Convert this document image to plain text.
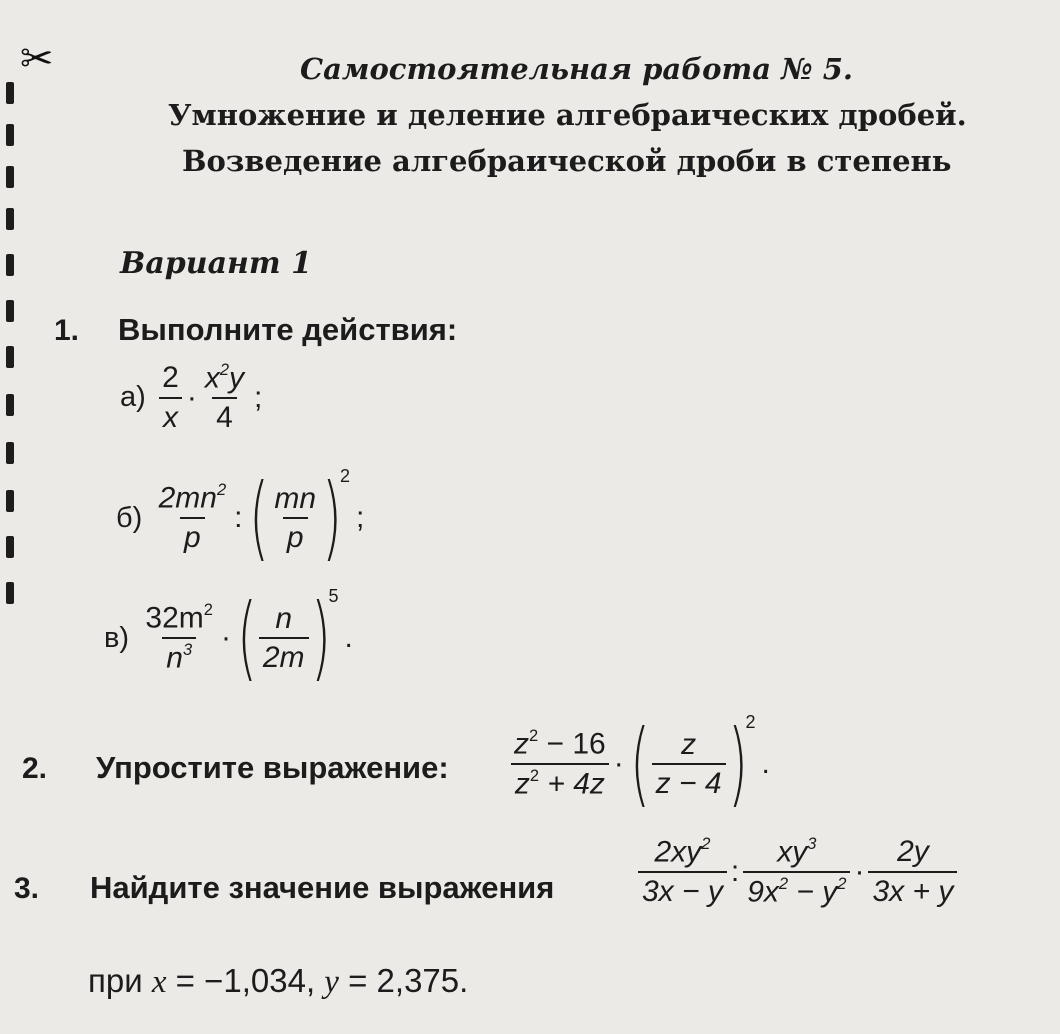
✂	Самостоятельная работа № 5.
Умножение и деление алгебраических дробей.
Возведение алгебраической дроби в степень
Вариант 1
1. Выполните действия:
$а) \frac{2}{x} \cdot \frac{x^2y}{4}$ ;
$б) \frac{2mn^2}{p}$ :( $\frac{mn}{p} )2$;
$в) \frac{32m^2}{n^3}$ ·( $\frac{n}{2m} )5$.
2. Упростите выражение: $\frac{z^2 - 16}{z^2 + 4z}$ ·( $\frac{z}{z - 4} )2$.
3. Найдите значение выражения	$\frac{2xy^2}{3x - y}$ : $\frac{xy^3}{9x^2 - y^2} \cdot \frac{2y}{3x + y}$
при x = −1,034, y = 2,375.
